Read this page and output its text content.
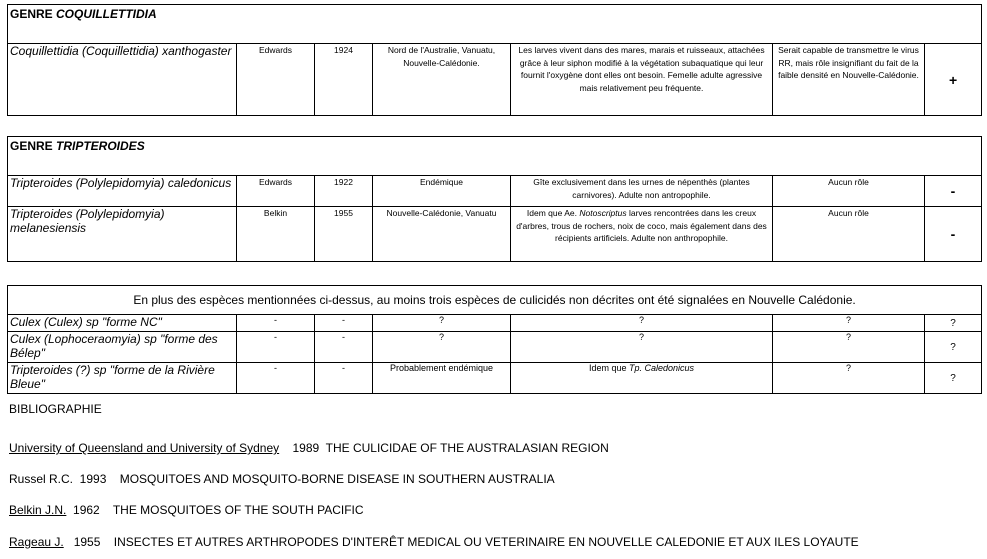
GENRE COQUILLETTIDIA
Coquillettidia (Coquillettidia) xanthogaster	Edwards	1924	Nord de l'Australie, Vanuatu, Nouvelle-Calédonie.	Les larves vivent dans des mares, marais et ruisseaux, attachées grâce à leur siphon modifié à la végétation subaquatique qui leur fournit l'oxygène dont elles ont besoin. Femelle adulte agressive mais relativement peu fréquente.	Serait capable de transmettre le virus RR, mais rôle insignifiant du fait de la faible densité en Nouvelle-Calédonie.	+
GENRE TRIPTEROIDES						
Tripteroides (Polylepidomyia) caledonicus	Edwards	1922	Endémique	Gîte exclusivement dans les urnes de népenthès (plantes carnivores). Adulte non antropophile.	Aucun rôle	-
Tripteroides (Polylepidomyia) melanesiensis	Belkin	1955	Nouvelle-Calédonie, Vanuatu	Idem que Ae. Notoscriptus larves rencontrées dans les creux d'arbres, trous de rochers, noix de coco, mais également dans des récipients artificiels. Adulte non anthropophile.	Aucun rôle	-
En plus des espèces mentionnées ci-dessus, au moins trois espèces de culicidés non décrites ont été signalées en Nouvelle Calédonie.						
Culex (Culex) sp "forme NC"	-	-	?	?	?	?
Culex (Lophoceraomyia) sp "forme des Bélep"	-	-	?	?	?	?
Tripteroides (?) sp "forme de la Rivière Bleue"	-	-	Probablement endémique	Idem que Tp. Caledonicus	?	?
BIBLIOGRAPHIE
University of Queensland and University of Sydney    1989  THE CULICIDAE OF THE AUSTRALASIAN REGION
Russel R.C.  1993    MOSQUITOES AND MOSQUITO-BORNE DISEASE IN SOUTHERN AUSTRALIA
Belkin J.N.  1962    THE MOSQUITOES OF THE SOUTH PACIFIC
Rageau J.   1955    INSECTES ET AUTRES ARTHROPODES D'INTERÊT MEDICAL OU VETERINAIRE EN NOUVELLE CALEDONIE ET AUX ILES LOYAUTE
